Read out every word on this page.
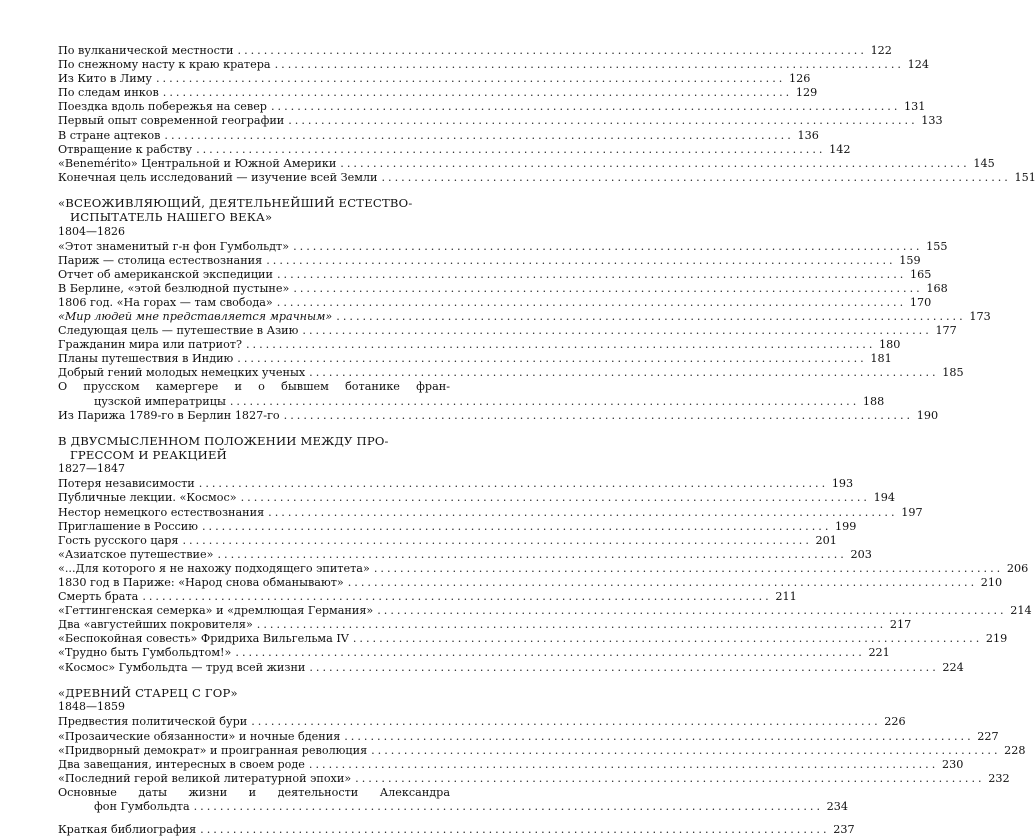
По вулканической местности ................................................................................................ 122
По снежному насту к краю кратера ................................................................................................ 124
Из Кито в Лиму ................................................................................................ 126
По следам инков ................................................................................................ 129
Поездка вдоль побережья на север ................................................................................................ 131
Первый опыт современной географии ................................................................................................ 133
В стране ацтеков ................................................................................................ 136
Отвращение к рабству ................................................................................................ 142
«Benemérito» Центральной и Южной Америки ................................................................................................ 145
Конечная цель исследований — изучение всей Земли ................................................................................................ 151
«ВСЕОЖИВЛЯЮЩИЙ, ДЕЯТЕЛЬНЕЙШИЙ ЕСТЕСТВО-
ИСПЫТАТЕЛЬ НАШЕГО ВЕКА»
1804—1826
«Этот знаменитый г-н фон Гумбольдт» ................................................................................................ 155
Париж — столица естествознания ................................................................................................ 159
Отчет об американской экспедиции ................................................................................................ 165
В Берлине, «этой безлюдной пустыне» ................................................................................................ 168
1806 год. «На горах — там свобода» ................................................................................................ 170
«Мир людей мне представляется мрачным» ................................................................................................ 173
Следующая цель — путешествие в Азию ................................................................................................ 177
Гражданин мира или патриот? ................................................................................................ 180
Планы путешествия в Индию ................................................................................................ 181
Добрый гений молодых немецких ученых ................................................................................................ 185
О прусском камергере и о бывшем ботанике фран-
цузской императрицы ................................................................................................ 188
Из Парижа 1789-го в Берлин 1827-го ................................................................................................ 190
В ДВУСМЫСЛЕННОМ ПОЛОЖЕНИИ МЕЖДУ ПРО-
ГРЕССОМ И РЕАКЦИЕЙ
1827—1847
Потеря независимости ................................................................................................ 193
Публичные лекции. «Космос» ................................................................................................ 194
Нестор немецкого естествознания ................................................................................................ 197
Приглашение в Россию ................................................................................................ 199
Гость русского царя ................................................................................................ 201
«Азиатское путешествие» ................................................................................................ 203
«...Для которого я не нахожу подходящего эпитета» ................................................................................................ 206
1830 год в Париже: «Народ снова обманывают» ................................................................................................ 210
Смерть брата ................................................................................................ 211
«Геттингенская семерка» и «дремлющая Германия» ................................................................................................ 214
Два «августейших покровителя» ................................................................................................ 217
«Беспокойная совесть» Фридриха Вильгельма IV ................................................................................................ 219
«Трудно быть Гумбольдтом!» ................................................................................................ 221
«Космос» Гумбольдта — труд всей жизни ................................................................................................ 224
«ДРЕВНИЙ СТАРЕЦ С ГОР»
1848—1859
Предвестия политической бури ................................................................................................ 226
«Прозаические обязанности» и ночные бдения ................................................................................................ 227
«Придворный демократ» и проигранная революция ................................................................................................ 228
Два завещания, интересных в своем роде ................................................................................................ 230
«Последний герой великой литературной эпохи» ................................................................................................ 232
Основные даты жизни и деятельности Александра
фон Гумбольдта ................................................................................................ 234
Краткая библиография ................................................................................................ 237
